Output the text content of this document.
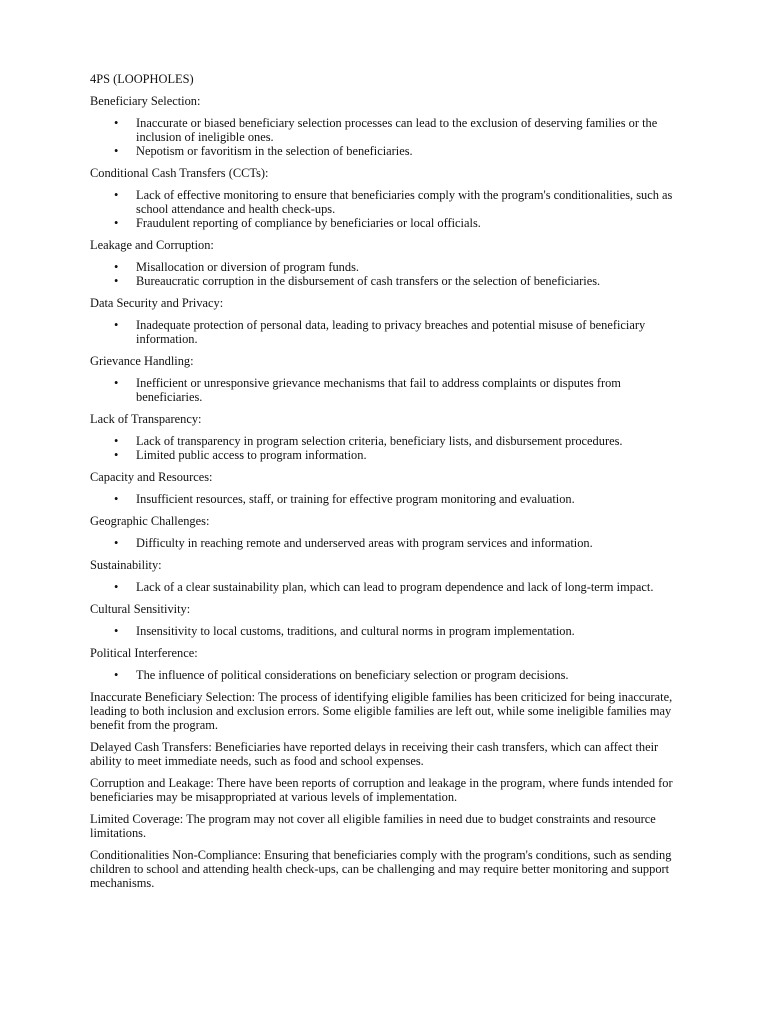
4PS (LOOPHOLES)
Beneficiary Selection:
• Inaccurate or biased beneficiary selection processes can lead to the exclusion of deserving families or the inclusion of ineligible ones.
• Nepotism or favoritism in the selection of beneficiaries.
Conditional Cash Transfers (CCTs):
• Lack of effective monitoring to ensure that beneficiaries comply with the program's conditionalities, such as school attendance and health check-ups.
• Fraudulent reporting of compliance by beneficiaries or local officials.
Leakage and Corruption:
• Misallocation or diversion of program funds.
• Bureaucratic corruption in the disbursement of cash transfers or the selection of beneficiaries.
Data Security and Privacy:
• Inadequate protection of personal data, leading to privacy breaches and potential misuse of beneficiary information.
Grievance Handling:
• Inefficient or unresponsive grievance mechanisms that fail to address complaints or disputes from beneficiaries.
Lack of Transparency:
• Lack of transparency in program selection criteria, beneficiary lists, and disbursement procedures.
• Limited public access to program information.
Capacity and Resources:
• Insufficient resources, staff, or training for effective program monitoring and evaluation.
Geographic Challenges:
• Difficulty in reaching remote and underserved areas with program services and information.
Sustainability:
• Lack of a clear sustainability plan, which can lead to program dependence and lack of long-term impact.
Cultural Sensitivity:
• Insensitivity to local customs, traditions, and cultural norms in program implementation.
Political Interference:
• The influence of political considerations on beneficiary selection or program decisions.

Inaccurate Beneficiary Selection: The process of identifying eligible families has been criticized for being inaccurate, leading to both inclusion and exclusion errors. Some eligible families are left out, while some ineligible families may benefit from the program.

Delayed Cash Transfers: Beneficiaries have reported delays in receiving their cash transfers, which can affect their ability to meet immediate needs, such as food and school expenses.

Corruption and Leakage: There have been reports of corruption and leakage in the program, where funds intended for beneficiaries may be misappropriated at various levels of implementation.

Limited Coverage: The program may not cover all eligible families in need due to budget constraints and resource limitations.

Conditionalities Non-Compliance: Ensuring that beneficiaries comply with the program's conditions, such as sending children to school and attending health check-ups, can be challenging and may require better monitoring and support mechanisms.
